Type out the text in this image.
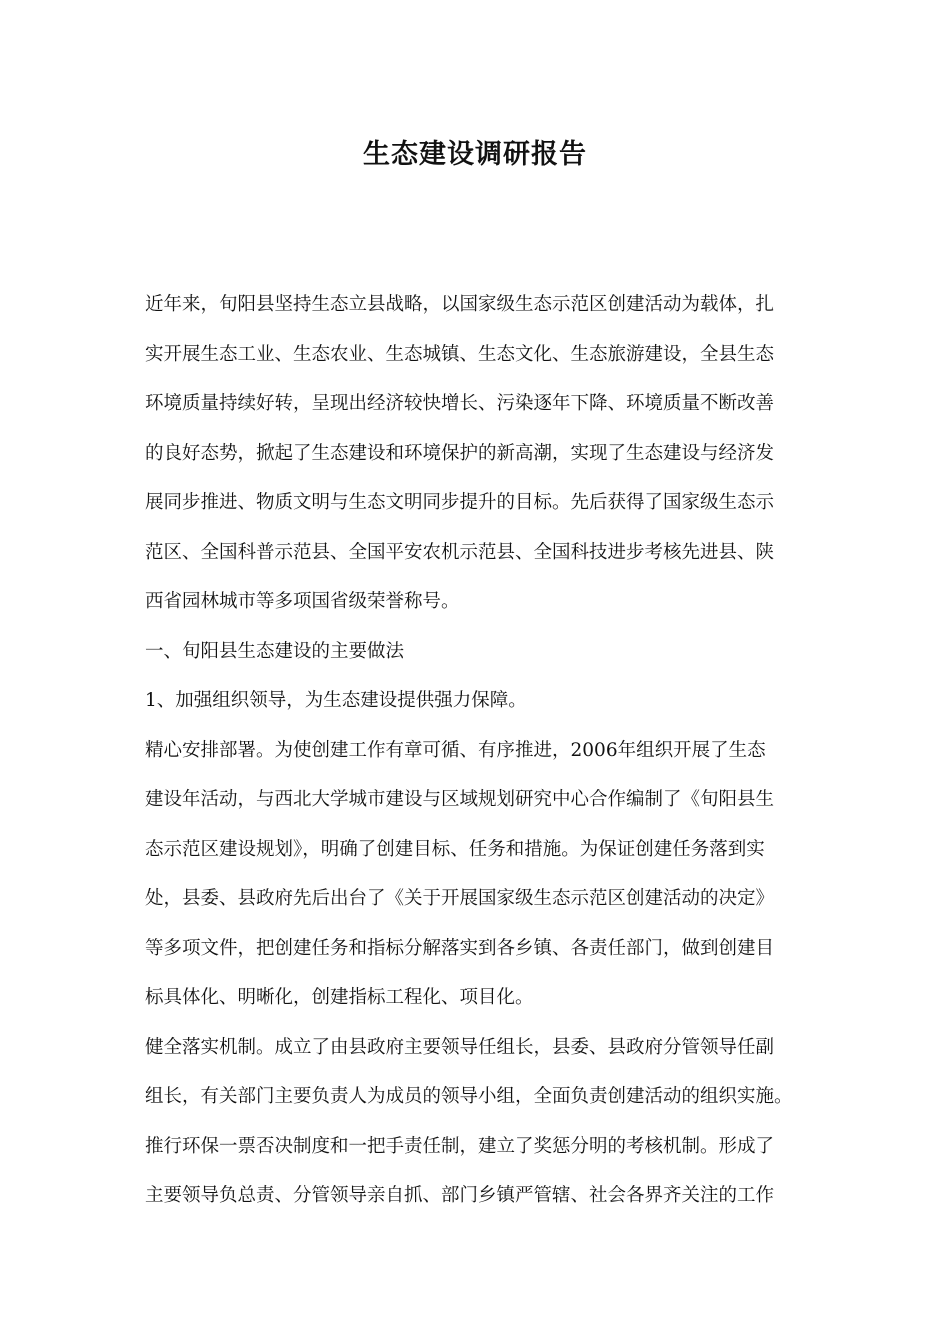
生态建设调研报告
近年来，旬阳县坚持生态立县战略，以国家级生态示范区创建活动为载体，扎
实开展生态工业、生态农业、生态城镇、生态文化、生态旅游建设，全县生态
环境质量持续好转，呈现出经济较快增长、污染逐年下降、环境质量不断改善
的良好态势，掀起了生态建设和环境保护的新高潮，实现了生态建设与经济发
展同步推进、物质文明与生态文明同步提升的目标。先后获得了国家级生态示
范区、全国科普示范县、全国平安农机示范县、全国科技进步考核先进县、陕
西省园林城市等多项国省级荣誉称号。
一、旬阳县生态建设的主要做法
1、加强组织领导，为生态建设提供强力保障。
精心安排部署。为使创建工作有章可循、有序推进，2006年组织开展了生态
建设年活动，与西北大学城市建设与区域规划研究中心合作编制了《旬阳县生
态示范区建设规划》，明确了创建目标、任务和措施。为保证创建任务落到实
处，县委、县政府先后出台了《关于开展国家级生态示范区创建活动的决定》
等多项文件，把创建任务和指标分解落实到各乡镇、各责任部门，做到创建目
标具体化、明晰化，创建指标工程化、项目化。
健全落实机制。成立了由县政府主要领导任组长，县委、县政府分管领导任副
组长，有关部门主要负责人为成员的领导小组，全面负责创建活动的组织实施。
推行环保一票否决制度和一把手责任制，建立了奖惩分明的考核机制。形成了
主要领导负总责、分管领导亲自抓、部门乡镇严管辖、社会各界齐关注的工作
